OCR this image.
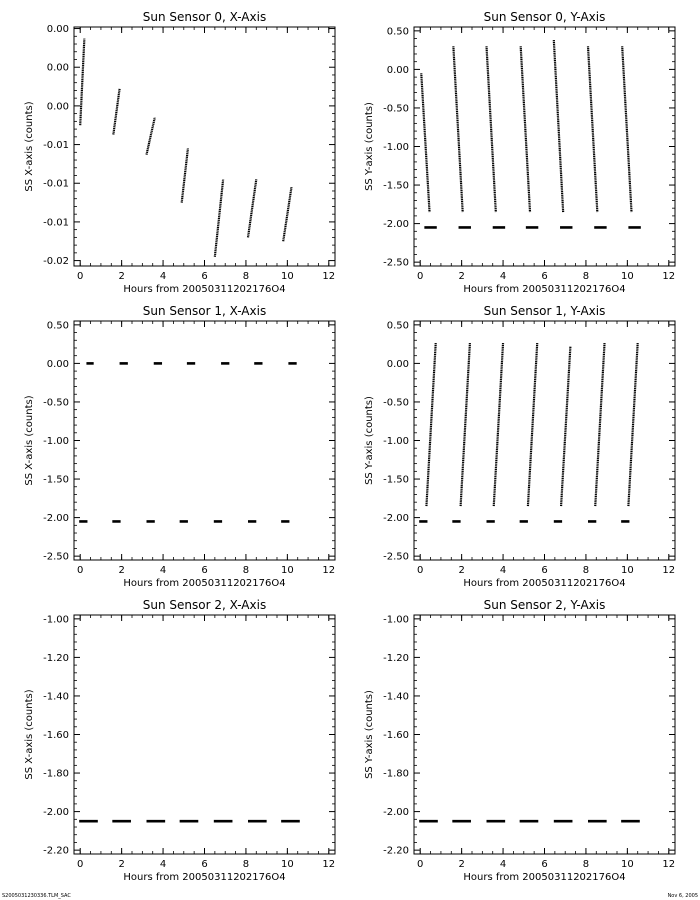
Sun Sensor 0, X-Axis
0	2	4	6	8	10	12
0.00
0.00
0.00
-0.01
-0.01
-0.01
-0.02
Hours from 20050311202176O4
SS X-axis (counts)
Sun Sensor 0, Y-Axis
0	2	4	6	8	10	12
0.50
0.00
-0.50
-1.00
-1.50
-2.00
-2.50
Hours from 20050311202176O4
SS Y-axis (counts)
Sun Sensor 1, X-Axis
0	2	4	6	8	10	12
0.50
0.00
-0.50
-1.00
-1.50
-2.00
-2.50
Hours from 20050311202176O4
SS X-axis (counts)
Sun Sensor 1, Y-Axis
0	2	4	6	8	10	12
0.50
0.00
-0.50
-1.00
-1.50
-2.00
-2.50
Hours from 20050311202176O4
SS Y-axis (counts)
Sun Sensor 2, X-Axis
0	2	4	6	8	10	12
-1.00
-1.20
-1.40
-1.60
-1.80
-2.00
-2.20
Hours from 20050311202176O4
SS X-axis (counts)
Sun Sensor 2, Y-Axis
0	2	4	6	8	10	12
-1.00
-1.20
-1.40
-1.60
-1.80
-2.00
-2.20
Hours from 20050311202176O4
SS Y-axis (counts)
S2005031230336.TLM_SAC	Nov 6, 2005
